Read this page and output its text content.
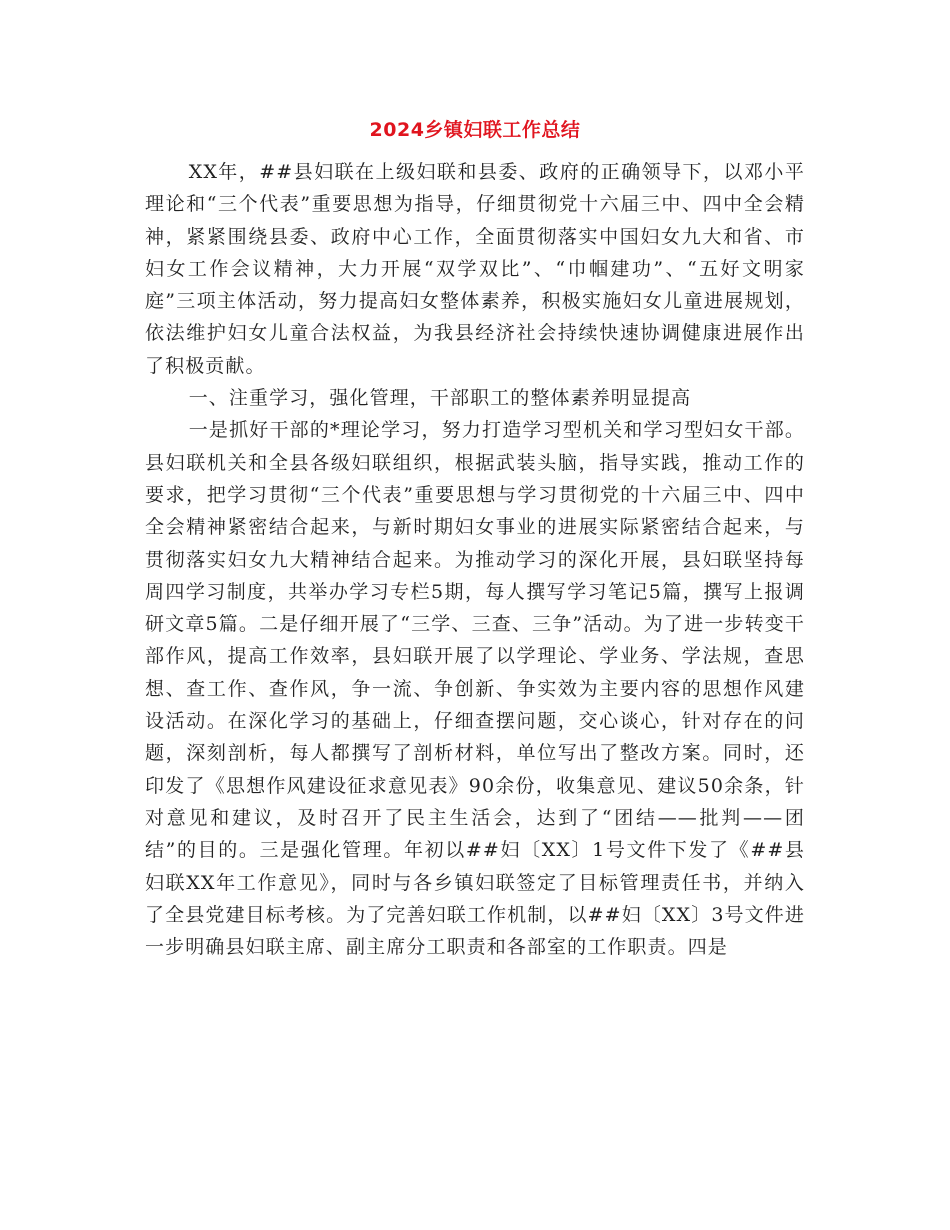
2024乡镇妇联工作总结

XX年，##县妇联在上级妇联和县委、政府的正确领导下，以邓小平理论和“三个代表”重要思想为指导，仔细贯彻党十六届三中、四中全会精神，紧紧围绕县委、政府中心工作，全面贯彻落实中国妇女九大和省、市妇女工作会议精神，大力开展“双学双比”、“巾帼建功”、“五好文明家庭”三项主体活动，努力提高妇女整体素养，积极实施妇女儿童进展规划，依法维护妇女儿童合法权益，为我县经济社会持续快速协调健康进展作出了积极贡献。

一、注重学习，强化管理，干部职工的整体素养明显提高

一是抓好干部的*理论学习，努力打造学习型机关和学习型妇女干部。县妇联机关和全县各级妇联组织，根据武装头脑，指导实践，推动工作的要求，把学习贯彻“三个代表”重要思想与学习贯彻党的十六届三中、四中全会精神紧密结合起来，与新时期妇女事业的进展实际紧密结合起来，与贯彻落实妇女九大精神结合起来。为推动学习的深化开展，县妇联坚持每周四学习制度，共举办学习专栏5期，每人撰写学习笔记5篇，撰写上报调研文章5篇。二是仔细开展了“三学、三查、三争”活动。为了进一步转变干部作风，提高工作效率，县妇联开展了以学理论、学业务、学法规，查思想、查工作、查作风，争一流、争创新、争实效为主要内容的思想作风建设活动。在深化学习的基础上，仔细查摆问题，交心谈心，针对存在的问题，深刻剖析，每人都撰写了剖析材料，单位写出了整改方案。同时，还印发了《思想作风建设征求意见表》90余份，收集意见、建议50余条，针对意见和建议，及时召开了民主生活会，达到了“团结——批判——团结”的目的。三是强化管理。年初以##妇〔XX〕1号文件下发了《##县妇联XX年工作意见》，同时与各乡镇妇联签定了目标管理责任书，并纳入了全县党建目标考核。为了完善妇联工作机制，以##妇〔XX〕3号文件进一步明确县妇联主席、副主席分工职责和各部室的工作职责。四是
